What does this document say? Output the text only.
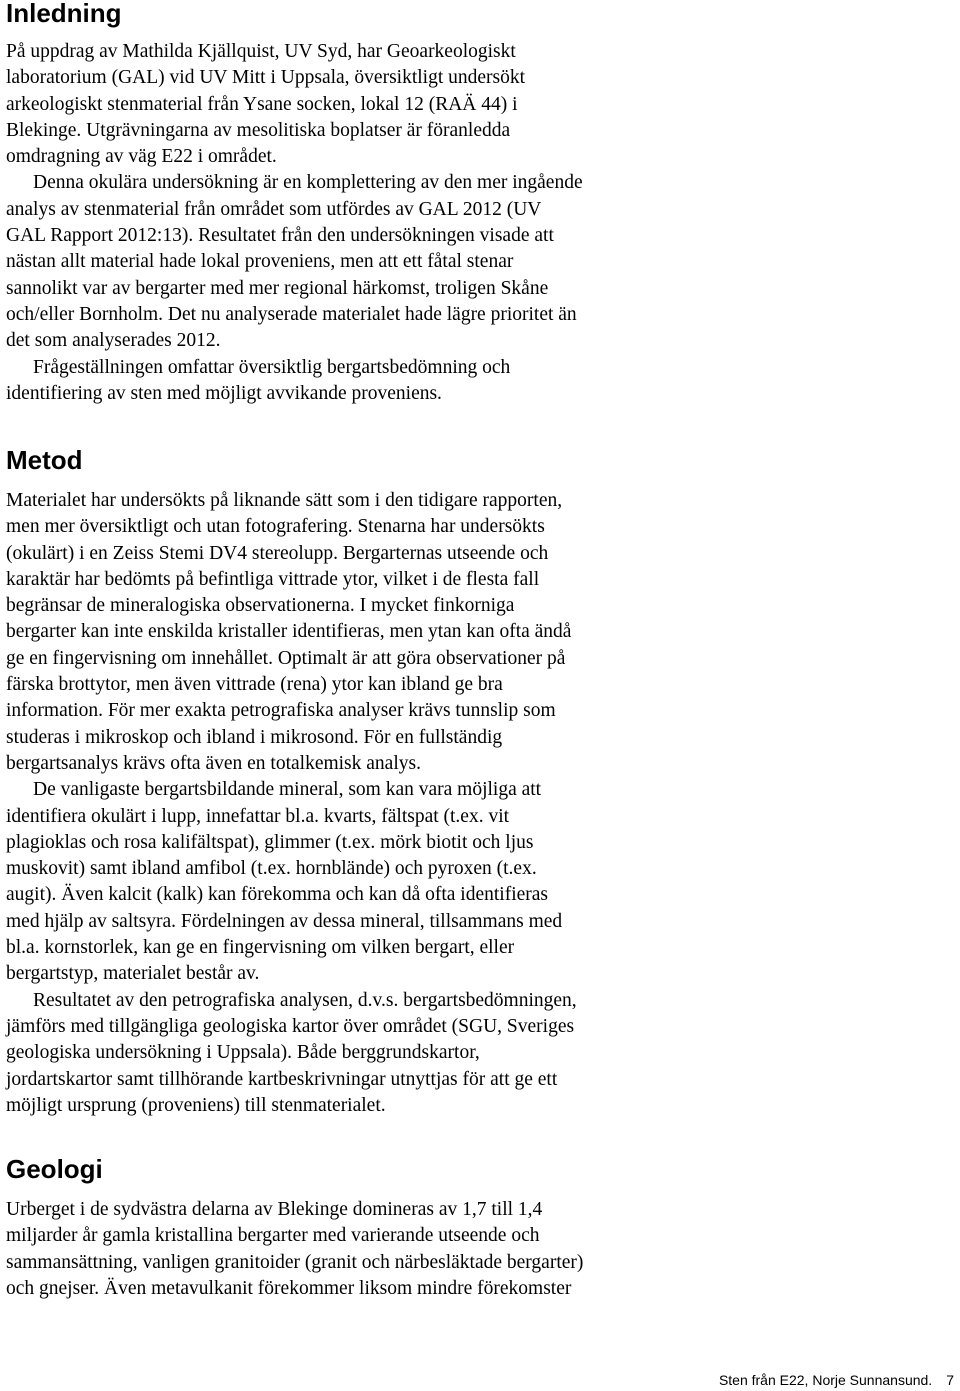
Inledning

På uppdrag av Mathilda Kjällquist, UV Syd, har Geoarkeologiskt
laboratorium (GAL) vid UV Mitt i Uppsala, översiktligt undersökt
arkeologiskt stenmaterial från Ysane socken, lokal 12 (RAÄ 44) i
Blekinge. Utgrävningarna av mesolitiska boplatser är föranledda
omdragning av väg E22 i området.

Denna okulära undersökning är en komplettering av den mer ingående
analys av stenmaterial från området som utfördes av GAL 2012 (UV
GAL Rapport 2012:13). Resultatet från den undersökningen visade att
nästan allt material hade lokal proveniens, men att ett fåtal stenar
sannolikt var av bergarter med mer regional härkomst, troligen Skåne
och/eller Bornholm. Det nu analyserade materialet hade lägre prioritet än
det som analyserades 2012.

Frågeställningen omfattar översiktlig bergartsbedömning och
identifiering av sten med möjligt avvikande proveniens.

Metod

Materialet har undersökts på liknande sätt som i den tidigare rapporten,
men mer översiktligt och utan fotografering. Stenarna har undersökts
(okulärt) i en Zeiss Stemi DV4 stereolupp. Bergarternas utseende och
karaktär har bedömts på befintliga vittrade ytor, vilket i de flesta fall
begränsar de mineralogiska observationerna. I mycket finkorniga
bergarter kan inte enskilda kristaller identifieras, men ytan kan ofta ändå
ge en fingervisning om innehållet. Optimalt är att göra observationer på
färska brottytor, men även vittrade (rena) ytor kan ibland ge bra
information. För mer exakta petrografiska analyser krävs tunnslip som
studeras i mikroskop och ibland i mikrosond. För en fullständig
bergartsanalys krävs ofta även en totalkemisk analys.

De vanligaste bergartsbildande mineral, som kan vara möjliga att
identifiera okulärt i lupp, innefattar bl.a. kvarts, fältspat (t.ex. vit
plagioklas och rosa kalifältspat), glimmer (t.ex. mörk biotit och ljus
muskovit) samt ibland amfibol (t.ex. hornblände) och pyroxen (t.ex.
augit). Även kalcit (kalk) kan förekomma och kan då ofta identifieras
med hjälp av saltsyra. Fördelningen av dessa mineral, tillsammans med
bl.a. kornstorlek, kan ge en fingervisning om vilken bergart, eller
bergartstyp, materialet består av.

Resultatet av den petrografiska analysen, d.v.s. bergartsbedömningen,
jämförs med tillgängliga geologiska kartor över området (SGU, Sveriges
geologiska undersökning i Uppsala). Både berggrundskartor,
jordartskartor samt tillhörande kartbeskrivningar utnyttjas för att ge ett
möjligt ursprung (proveniens) till stenmaterialet.

Geologi

Urberget i de sydvästra delarna av Blekinge domineras av 1,7 till 1,4
miljarder år gamla kristallina bergarter med varierande utseende och
sammansättning, vanligen granitoider (granit och närbesläktade bergarter)
och gnejser. Även metavulkanit förekommer liksom mindre förekomster

Sten från E22, Norje Sunnansund. 7
